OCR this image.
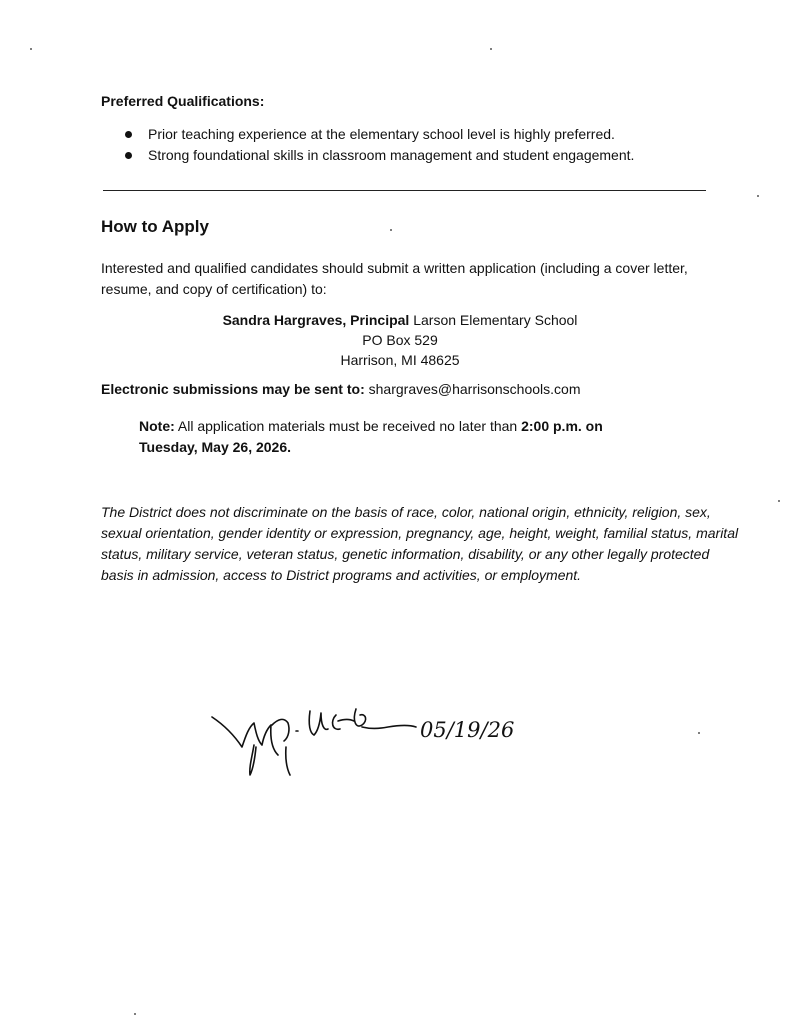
Preferred Qualifications:
Prior teaching experience at the elementary school level is highly preferred.
Strong foundational skills in classroom management and student engagement.
How to Apply
Interested and qualified candidates should submit a written application (including a cover letter, resume, and copy of certification) to:
Sandra Hargraves, Principal Larson Elementary School
PO Box 529
Harrison, MI 48625
Electronic submissions may be sent to: shargraves@harrisonschools.com
Note: All application materials must be received no later than 2:00 p.m. on
Tuesday, May 26, 2026.
The District does not discriminate on the basis of race, color, national origin, ethnicity, religion, sex, sexual orientation, gender identity or expression, pregnancy, age, height, weight, familial status, marital status, military service, veteran status, genetic information, disability, or any other legally protected basis in admission, access to District programs and activities, or employment.
05/19/26
